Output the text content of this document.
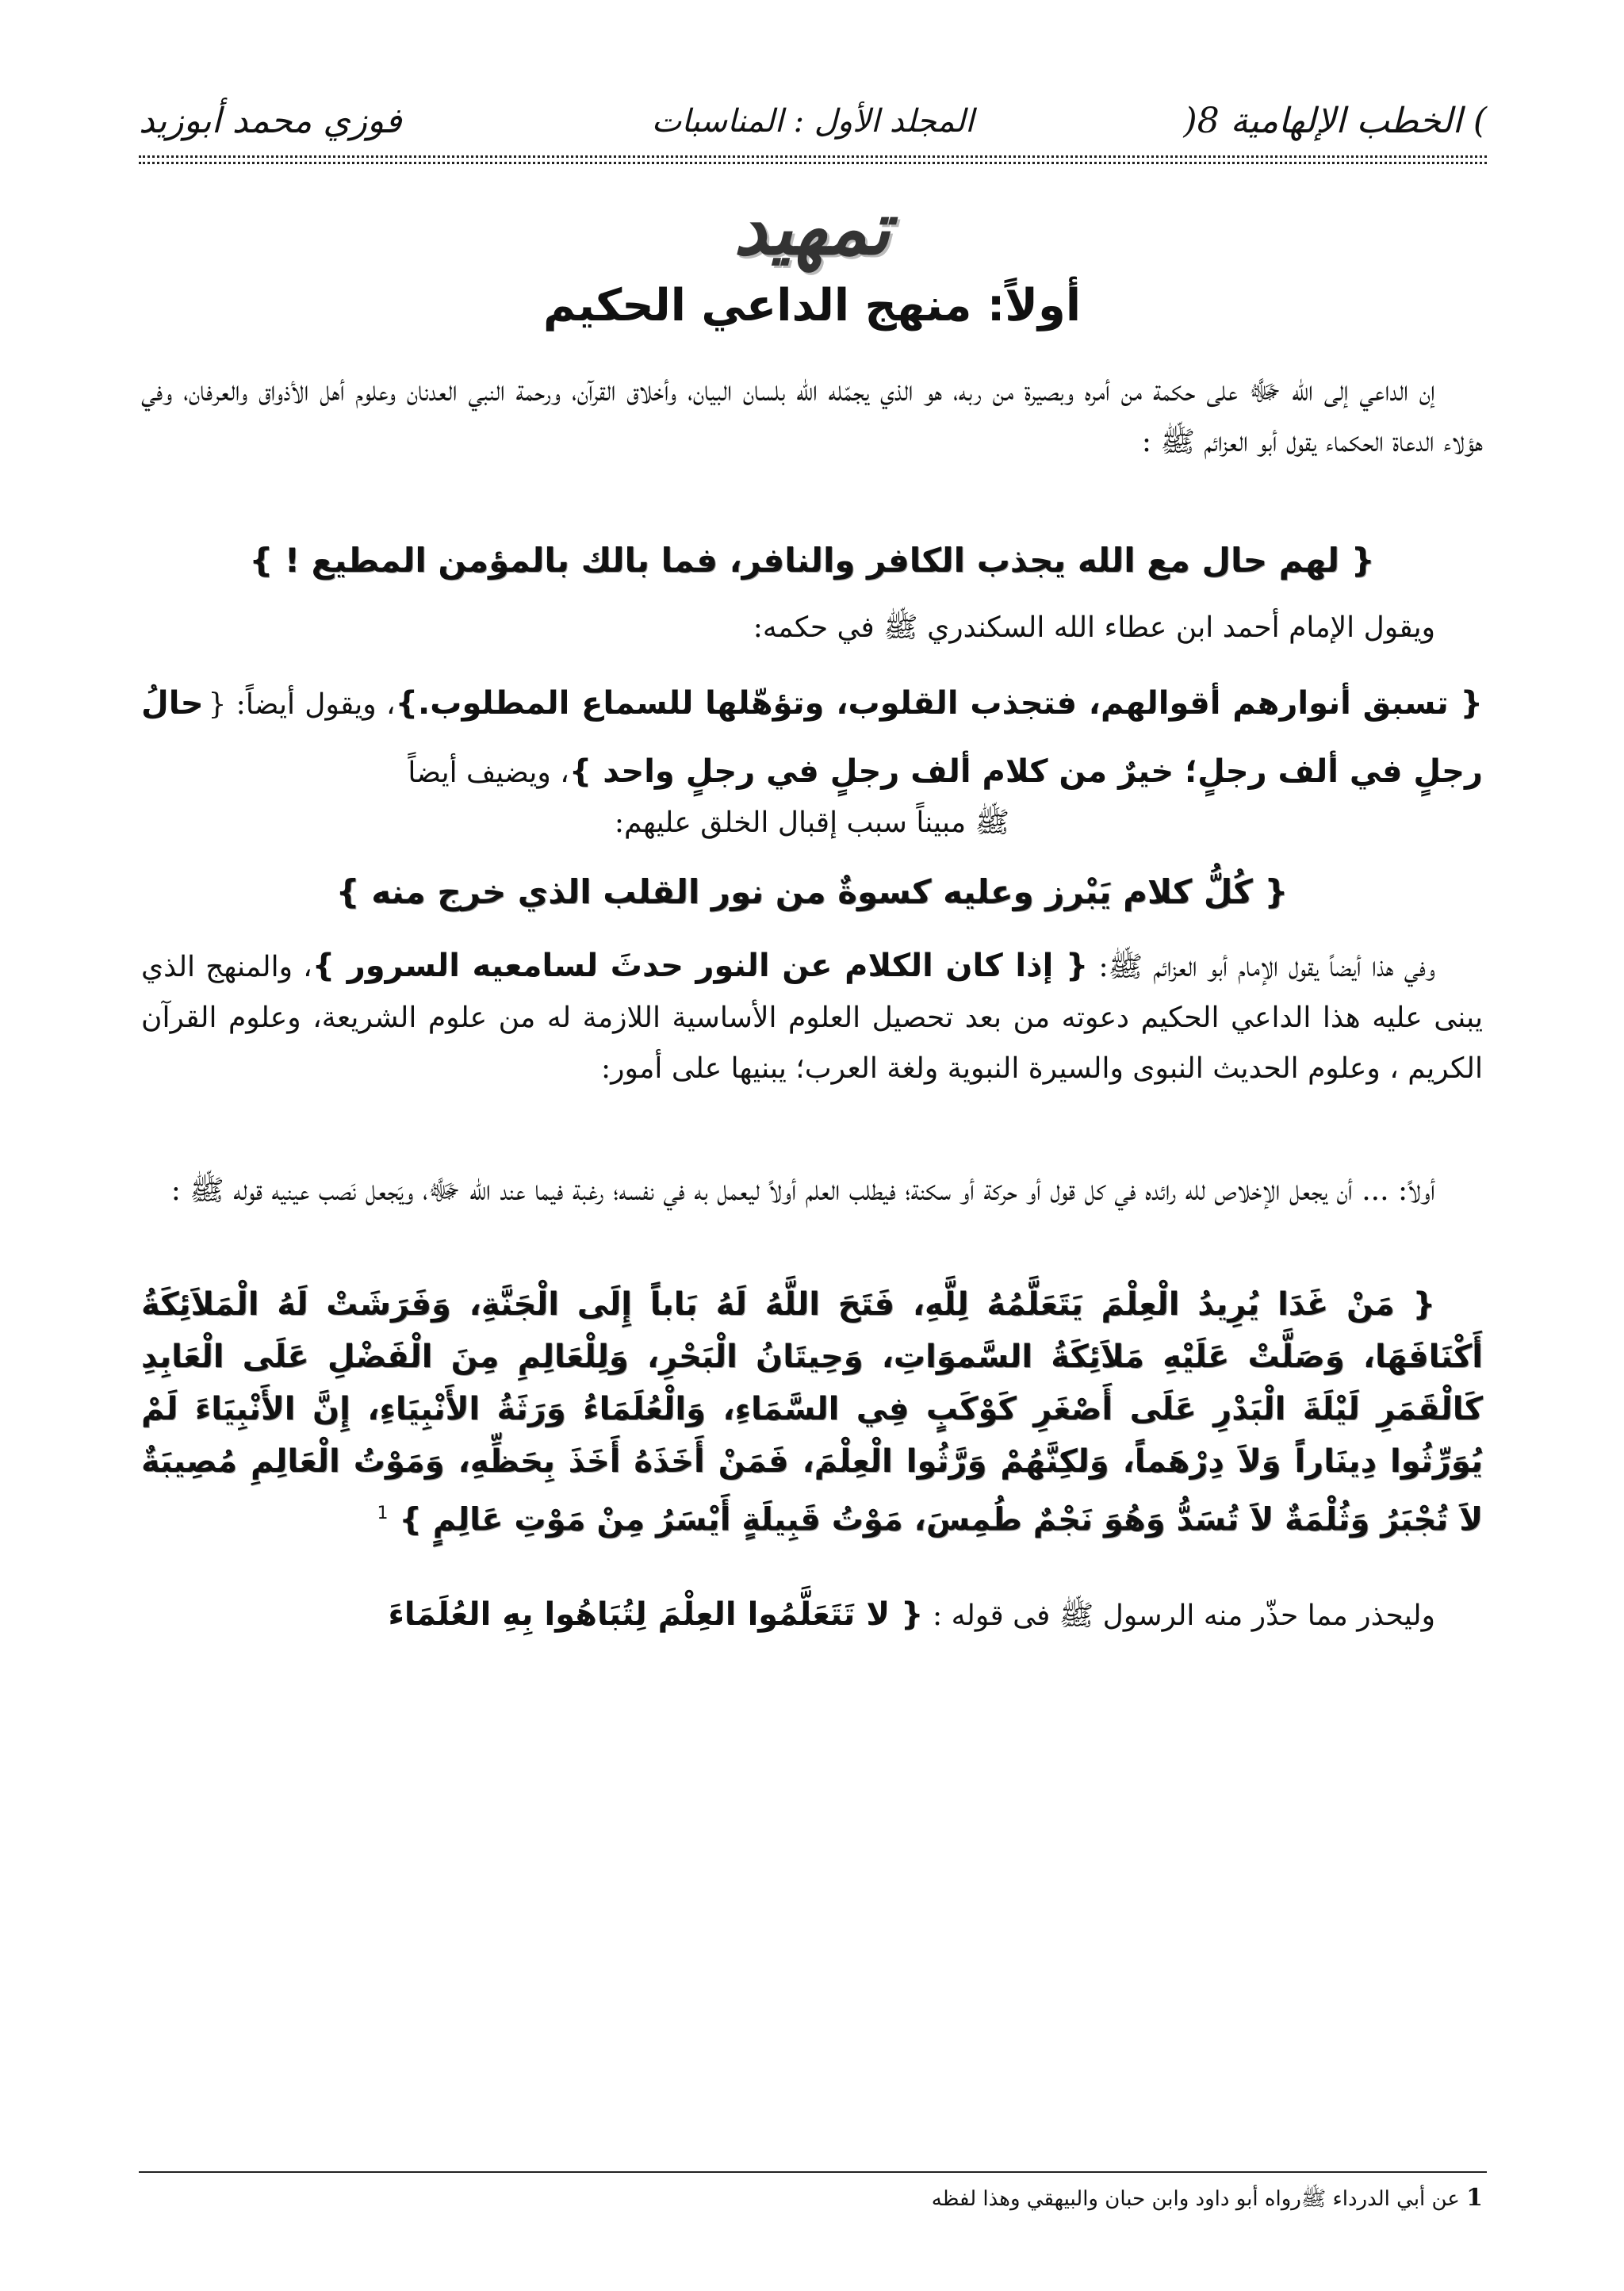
) الخطب الإلهامية 8(
المجلد الأول : المناسبات
فوزي محمد أبوزيد
تمهيد
أولاً: منهج الداعي الحكيم
إن الداعي إلى الله ﷻ على حكمة من أمره وبصيرة من ربه، هو الذي يجمّله الله بلسان البيان، وأخلاق القرآن، ورحمة النبي العدنان وعلوم أهل الأذواق والعرفان، وفي هؤلاء الدعاة الحكماء يقول أبو العزائم ﷺ :
{ لهم حال مع الله يجذب الكافر والنافر، فما بالك بالمؤمن المطيع ! }
ويقول الإمام أحمد ابن عطاء الله السكندري ﷺ في حكمه:
{ تسبق أنوارهم أقوالهم، فتجذب القلوب، وتؤهّلها للسماع المطلوب.}، ويقول أيضاً: { حالُ رجلٍ في ألف رجلٍ؛ خيرٌ من كلام ألف رجلٍ في رجلٍ واحد }، ويضيف أيضاً
ﷺ مبيناً سبب إقبال الخلق عليهم:
{ كُلُّ كلام يَبْرز وعليه كسوةٌ من نور القلب الذي خرج منه }
وفي هذا أيضاً يقول الإمام أبو العزائم ﷺ: { إذا كان الكلام عن النور حدثَ لسامعيه السرور }، والمنهج الذي يبنى عليه هذا الداعي الحكيم دعوته من بعد تحصيل العلوم الأساسية اللازمة له من علوم الشريعة، وعلوم القرآن الكريم ، وعلوم الحديث النبوى والسيرة النبوية ولغة العرب؛ يبنيها على أمور:
أولاً: ... أن يجعل الإخلاص لله رائده في كل قول أو حركة أو سكنة؛ فيطلب العلم أولاً ليعمل به في نفسه؛ رغبة فيما عند الله ﷻ، ويَجعل نَصب عينيه قوله ﷺ :
{ مَنْ غَدَا يُرِيدُ الْعِلْمَ يَتَعَلَّمُهُ لِلَّهِ، فَتَحَ اللَّهُ لَهُ بَاباً إِلَى الْجَنَّةِ، وَفَرَشَتْ لَهُ الْمَلاَئِكَةُ أَكْنَافَهَا، وَصَلَّتْ عَلَيْهِ مَلاَئِكَةُ السَّموَاتِ، وَحِيتَانُ الْبَحْرِ، وَلِلْعَالِمِ مِنَ الْفَضْلِ عَلَى الْعَابِدِ كَالْقَمَرِ لَيْلَةَ الْبَدْرِ عَلَى أَصْغَرِ كَوْكَبٍ فِي السَّمَاءِ، وَالْعُلَمَاءُ وَرَثَةُ الأَنْبِيَاءِ، إِنَّ الأَنْبِيَاءَ لَمْ يُوَرِّثُوا دِينَاراً وَلاَ دِرْهَماً، وَلكِنَّهُمْ وَرَّثُوا الْعِلْمَ، فَمَنْ أَخَذَهُ أَخَذَ بِحَظِّهِ، وَمَوْتُ الْعَالِمِ مُصِيبَةٌ لاَ تُجْبَرُ وَثُلْمَةٌ لاَ تُسَدُّ وَهُوَ نَجْمٌ طُمِسَ، مَوْتُ قَبِيلَةٍ أَيْسَرُ مِنْ مَوْتِ عَالِمٍ } $^1$
وليحذر مما حذّر منه الرسول ﷺ فى قوله : { لا تَتَعَلَّمُوا العِلْمَ لِتُبَاهُوا بِهِ العُلَمَاءَ
1 عن أبي الدرداء ﷺرواه أبو داود وابن حبان والبيهقي وهذا لفظه
